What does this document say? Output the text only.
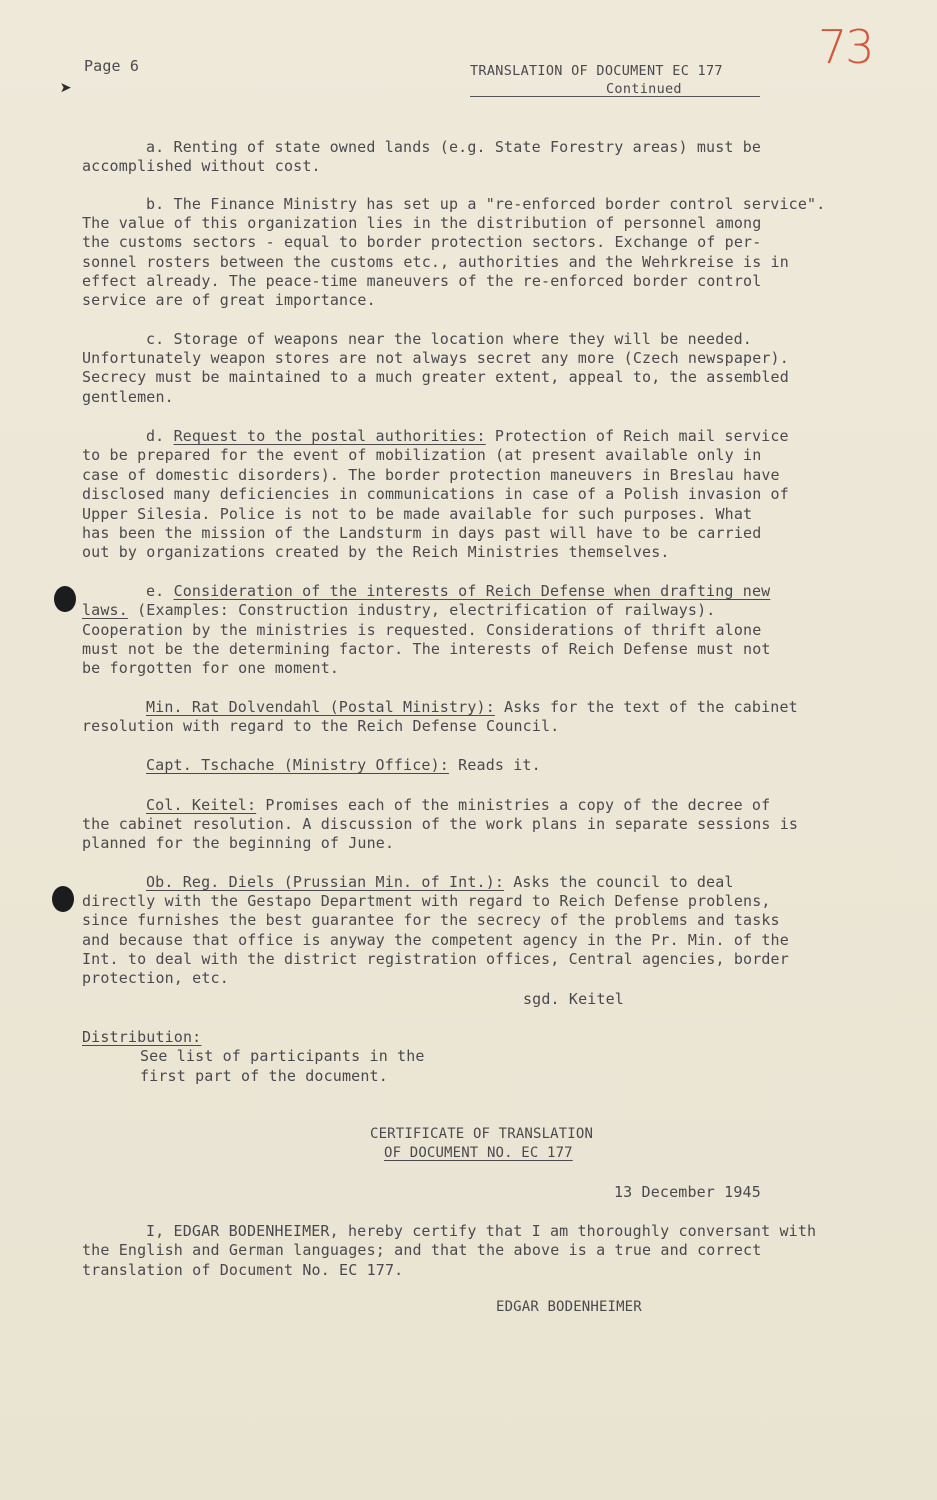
Page 6
➤
TRANSLATION OF DOCUMENT EC 177
Continued
73
a. Renting of state owned lands (e.g. State Forestry areas) must be
accomplished without cost.
b. The Finance Ministry has set up a "re-enforced border control service".
The value of this organization lies in the distribution of personnel among
the customs sectors - equal to border protection sectors. Exchange of per-
sonnel rosters between the customs etc., authorities and the Wehrkreise is in
effect already. The peace-time maneuvers of the re-enforced border control
service are of great importance.
c. Storage of weapons near the location where they will be needed.
Unfortunately weapon stores are not always secret any more (Czech newspaper).
Secrecy must be maintained to a much greater extent, appeal to, the assembled
gentlemen.
d. Request to the postal authorities: Protection of Reich mail service
to be prepared for the event of mobilization (at present available only in
case of domestic disorders). The border protection maneuvers in Breslau have
disclosed many deficiencies in communications in case of a Polish invasion of
Upper Silesia. Police is not to be made available for such purposes. What
has been the mission of the Landsturm in days past will have to be carried
out by organizations created by the Reich Ministries themselves.
e. Consideration of the interests of Reich Defense when drafting new
laws. (Examples: Construction industry, electrification of railways).
Cooperation by the ministries is requested. Considerations of thrift alone
must not be the determining factor. The interests of Reich Defense must not
be forgotten for one moment.
Min. Rat Dolvendahl (Postal Ministry): Asks for the text of the cabinet
resolution with regard to the Reich Defense Council.
Capt. Tschache (Ministry Office): Reads it.
Col. Keitel: Promises each of the ministries a copy of the decree of
the cabinet resolution. A discussion of the work plans in separate sessions is
planned for the beginning of June.
Ob. Reg. Diels (Prussian Min. of Int.): Asks the council to deal
directly with the Gestapo Department with regard to Reich Defense problens,
since furnishes the best guarantee for the secrecy of the problems and tasks
and because that office is anyway the competent agency in the Pr. Min. of the
Int. to deal with the district registration offices, Central agencies, border
protection, etc.
sgd. Keitel
Distribution:
See list of participants in the
first part of the document.
CERTIFICATE OF TRANSLATION
OF DOCUMENT NO. EC 177
13 December 1945
I, EDGAR BODENHEIMER, hereby certify that I am thoroughly conversant with
the English and German languages; and that the above is a true and correct
translation of Document No. EC 177.
EDGAR BODENHEIMER
